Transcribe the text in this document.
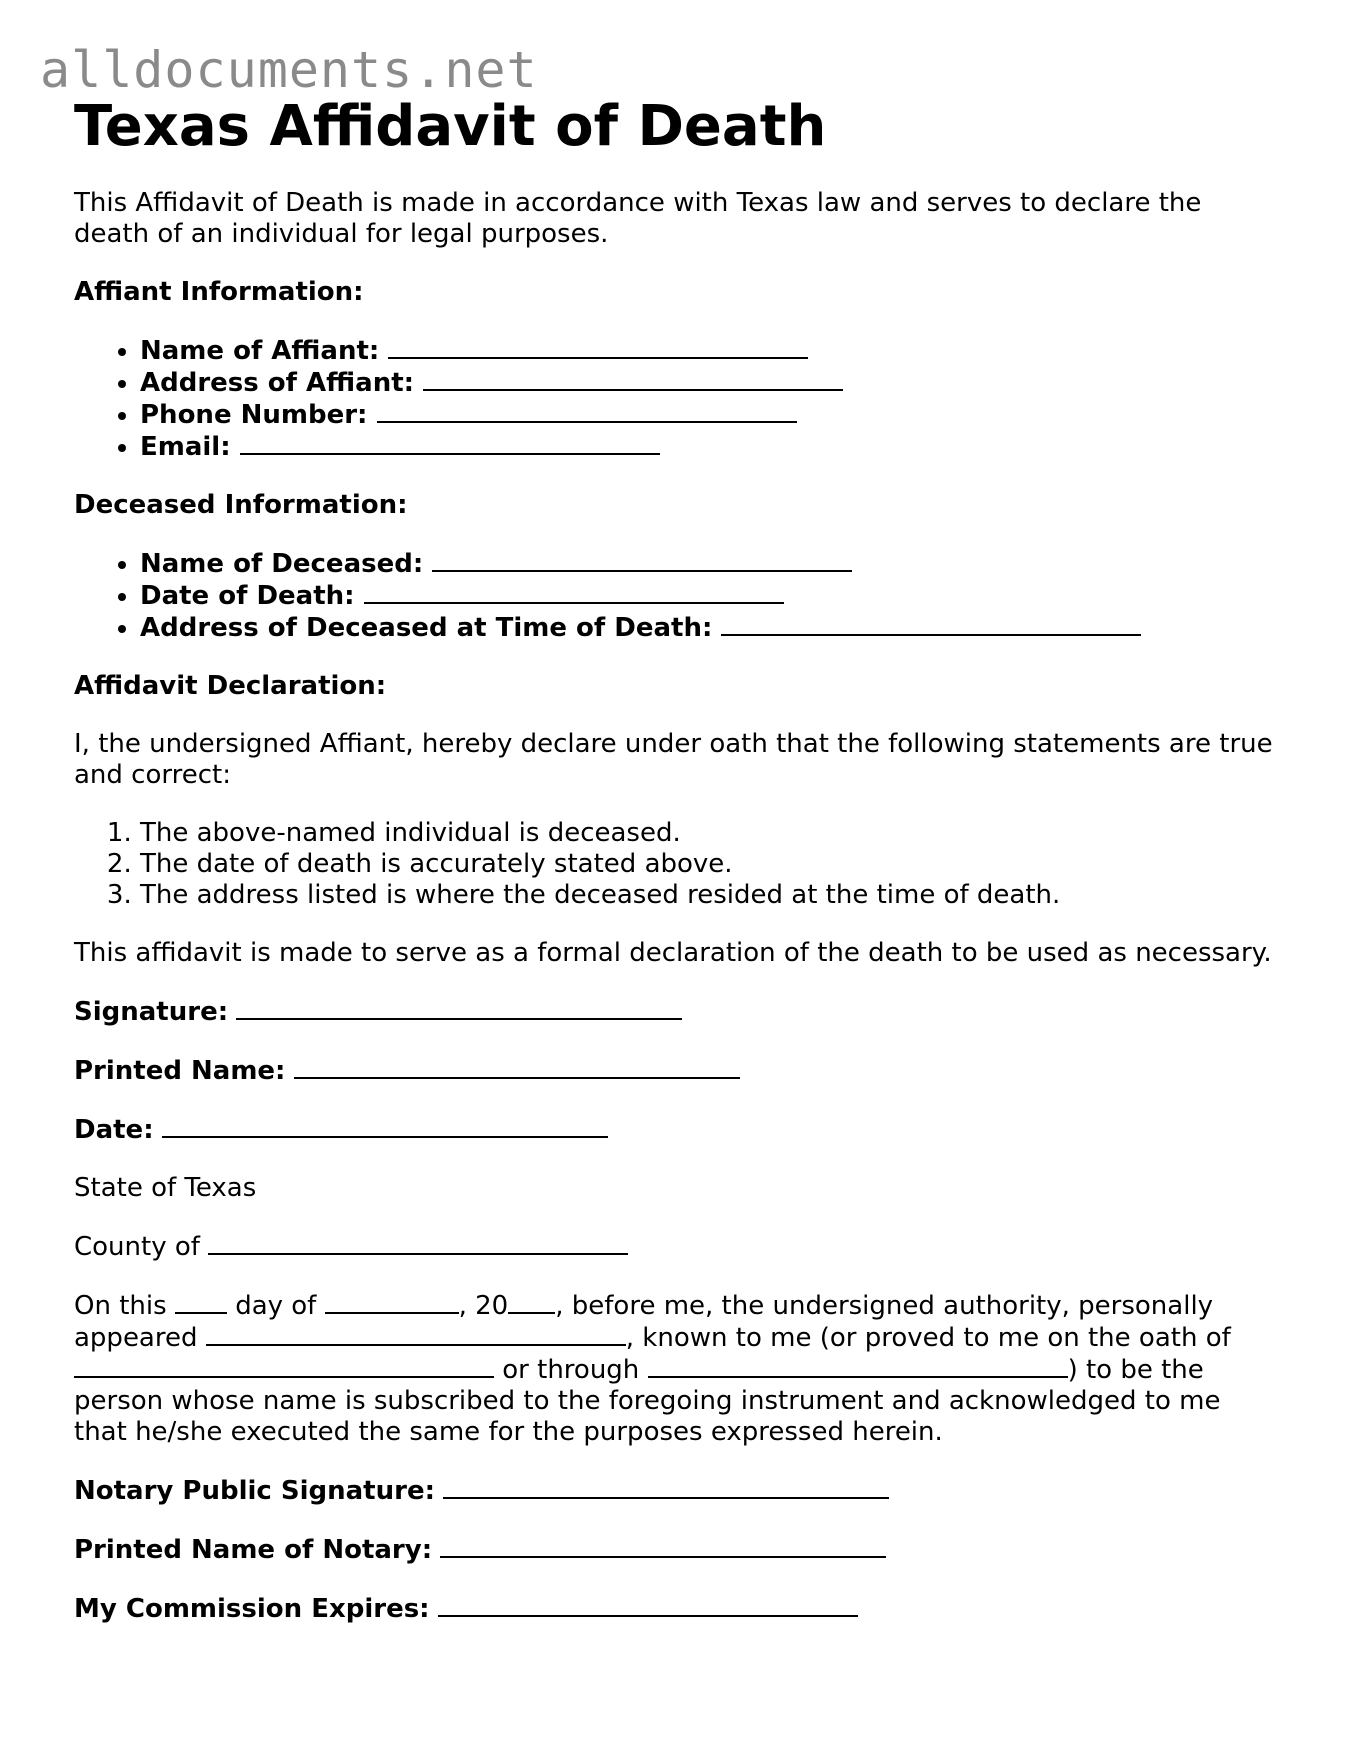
alldocuments.net
Texas Affidavit of Death

This Affidavit of Death is made in accordance with Texas law and serves to declare the death of an individual for legal purposes.

Affiant Information:

• Name of Affiant:
• Address of Affiant:
• Phone Number:
• Email:

Deceased Information:

• Name of Deceased:
• Date of Death:
• Address of Deceased at Time of Death:

Affidavit Declaration:

I, the undersigned Affiant, hereby declare under oath that the following statements are true and correct:

1. The above-named individual is deceased.
2. The date of death is accurately stated above.
3. The address listed is where the deceased resided at the time of death.

This affidavit is made to serve as a formal declaration of the death to be used as necessary.

Signature:

Printed Name:

Date:

State of Texas

County of

On this	day of	, 20 , before me, the undersigned authority, personally appeared	, known to me (or proved to me on the oath of  or through	) to be the person whose name is subscribed to the foregoing instrument and acknowledged to me that he/she executed the same for the purposes expressed herein.

Notary Public Signature:

Printed Name of Notary:

My Commission Expires:
